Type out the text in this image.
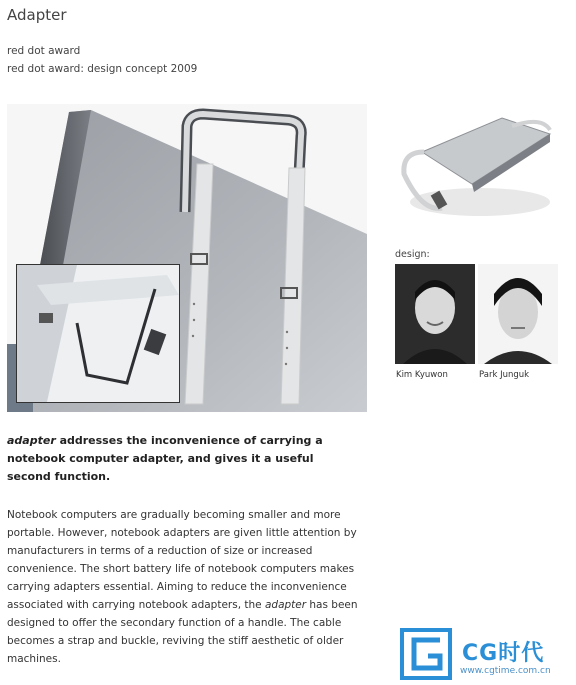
Adapter
red dot award
red dot award: design concept 2009
design:
Kim Kyuwon	Park Junguk

adapter addresses the inconvenience of carrying a notebook computer adapter, and gives it a useful second function.

Notebook computers are gradually becoming smaller and more portable. However, notebook adapters are given little attention by manufacturers in terms of a reduction of size or increased convenience. The short battery life of notebook computers makes carrying adapters essential. Aiming to reduce the inconvenience associated with carrying notebook adapters, the adapter has been designed to offer the secondary function of a handle. The cable becomes a strap and buckle, reviving the stiff aesthetic of older machines.	CG时代
www.cgtime.com.cn
